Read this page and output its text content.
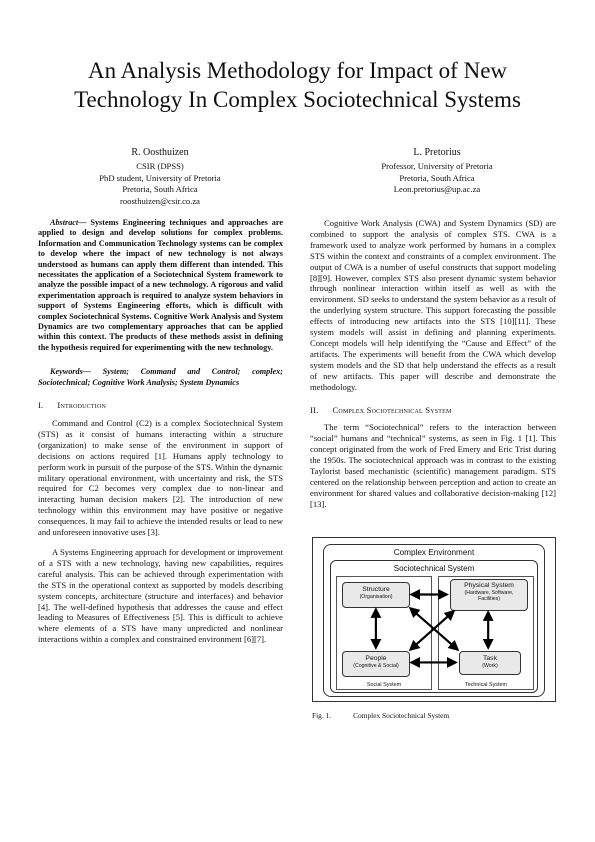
An Analysis Methodology for Impact of New
Technology In Complex Sociotechnical Systems
R. Oosthuizen
CSIR (DPSS)
PhD student, University of Pretoria
Pretoria, South Africa
roosthuizen@csir.co.za
L. Pretorius
Professor, University of Pretoria
Pretoria, South Africa
Leon.pretorius@up.ac.za

Abstract— Systems Engineering techniques and approaches are applied to design and develop solutions for complex problems. Information and Communication Technology systems can be complex to develop where the impact of new technology is not always understood as humans can apply them different than intended. This necessitates the application of a Sociotechnical System framework to analyze the possible impact of a new technology. A rigorous and valid experimentation approach is required to analyze system behaviors in support of Systems Engineering efforts, which is difficult with complex Sociotechnical Systems. Cognitive Work Analysis and System Dynamics are two complementary approaches that can be applied within this context. The products of these methods assist in defining the hypothesis required for experimenting with the new technology.

Keywords— System; Command and Control; complex; Sociotechnical; Cognitive Work Analysis; System Dynamics

I. Introduction

Command and Control (C2) is a complex Sociotechnical System (STS) as it consist of humans interacting within a structure (organization) to make sense of the environment in support of decisions on actions required [1]. Humans apply technology to perform work in pursuit of the purpose of the STS. Within the dynamic military operational environment, with uncertainty and risk, the STS required for C2 becomes very complex due to non-linear and interacting human decision makers [2]. The introduction of new technology within this environment may have positive or negative consequences. It may fail to achieve the intended results or lead to new and unforeseen innovative uses [3].

A Systems Engineering approach for development or improvement of a STS with a new technology, having new capabilities, requires careful analysis. This can be achieved through experimentation with the STS in the operational context as supported by models describing system concepts, architecture (structure and interfaces) and behavior [4]. The well-defined hypothesis that addresses the cause and effect leading to Measures of Effectiveness [5]. This is difficult to achieve where elements of a STS have many unpredicted and nonlinear interactions within a complex and constrained environment [6][7].

Cognitive Work Analysis (CWA) and System Dynamics (SD) are combined to support the analysis of complex STS. CWA is a framework used to analyze work performed by humans in a complex STS within the context and constraints of a complex environment. The output of CWA is a number of useful constructs that support modeling [8][9]. However, complex STS also present dynamic system behavior through nonlinear interaction within itself as well as with the environment. SD seeks to understand the system behavior as a result of the underlying system structure. This support forecasting the possible effects of introducing new artifacts into the STS [10][11]. These system models will assist in defining and planning experiments. Concept models will help identifying the “Cause and Effect” of the artifacts. The experiments will benefit from the CWA which develop system models and the SD that help understand the effects as a result of new artifacts. This paper will describe and demonstrate the methodology.

II. Complex Sociotechnical System

The term “Sociotechnical” refers to the interaction between “social” humans and “technical” systems, as seen in Fig. 1 [1]. This concept originated from the work of Fred Emery and Eric Trist during the 1950s. The sociotechnical approach was in contrast to the existing Taylorist based mechanistic (scientific) management paradigm. STS centered on the relationship between perception and action to create an environment for shared values and collaborative decision-making [12][13].

Complex Environment
Sociotechnical System
Social System	Technical System
Structure
(Organisation)
Physical System
(Hardware, Software,
Facilities)
People
(Cognitive & Social)
Task
(Work)
Fig. 1.	Complex Sociotechnical System
